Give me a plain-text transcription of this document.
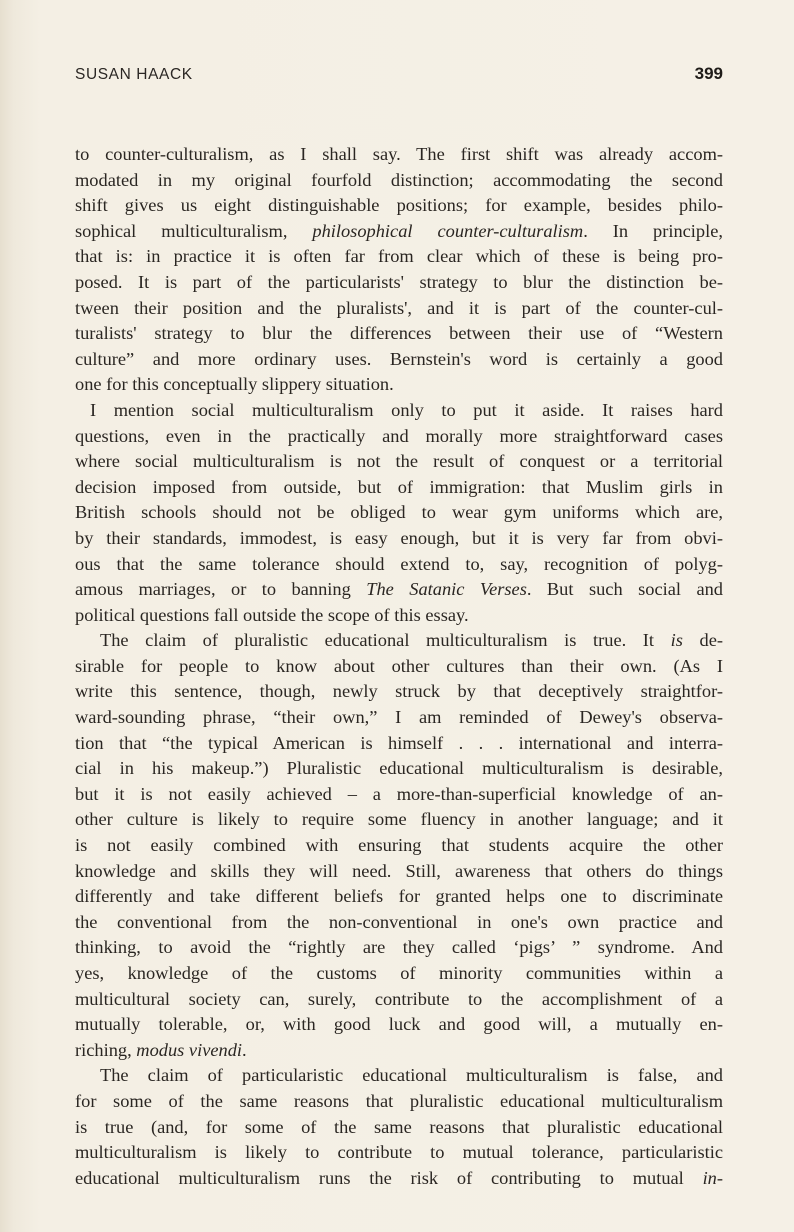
SUSAN HAACK	399
to counter-culturalism, as I shall say. The first shift was already accom-
modated in my original fourfold distinction; accommodating the second
shift gives us eight distinguishable positions; for example, besides philo-
sophical multiculturalism, philosophical counter-culturalism. In principle,
that is: in practice it is often far from clear which of these is being pro-
posed. It is part of the particularists' strategy to blur the distinction be-
tween their position and the pluralists', and it is part of the counter-cul-
turalists' strategy to blur the differences between their use of “Western
culture” and more ordinary uses. Bernstein's word is certainly a good
one for this conceptually slippery situation.
I mention social multiculturalism only to put it aside. It raises hard
questions, even in the practically and morally more straightforward cases
where social multiculturalism is not the result of conquest or a territorial
decision imposed from outside, but of immigration: that Muslim girls in
British schools should not be obliged to wear gym uniforms which are,
by their standards, immodest, is easy enough, but it is very far from obvi-
ous that the same tolerance should extend to, say, recognition of polyg-
amous marriages, or to banning The Satanic Verses. But such social and
political questions fall outside the scope of this essay.
The claim of pluralistic educational multiculturalism is true. It is de-
sirable for people to know about other cultures than their own. (As I
write this sentence, though, newly struck by that deceptively straightfor-
ward-sounding phrase, “their own,” I am reminded of Dewey's observa-
tion that “the typical American is himself . . . international and interra-
cial in his makeup.”) Pluralistic educational multiculturalism is desirable,
but it is not easily achieved – a more-than-superficial knowledge of an-
other culture is likely to require some fluency in another language; and it
is not easily combined with ensuring that students acquire the other
knowledge and skills they will need. Still, awareness that others do things
differently and take different beliefs for granted helps one to discriminate
the conventional from the non-conventional in one's own practice and
thinking, to avoid the “rightly are they called ‘pigs’ ” syndrome. And
yes, knowledge of the customs of minority communities within a
multicultural society can, surely, contribute to the accomplishment of a
mutually tolerable, or, with good luck and good will, a mutually en-
riching, modus vivendi.
The claim of particularistic educational multiculturalism is false, and
for some of the same reasons that pluralistic educational multiculturalism
is true (and, for some of the same reasons that pluralistic educational
multiculturalism is likely to contribute to mutual tolerance, particularistic
educational multiculturalism runs the risk of contributing to mutual in-
